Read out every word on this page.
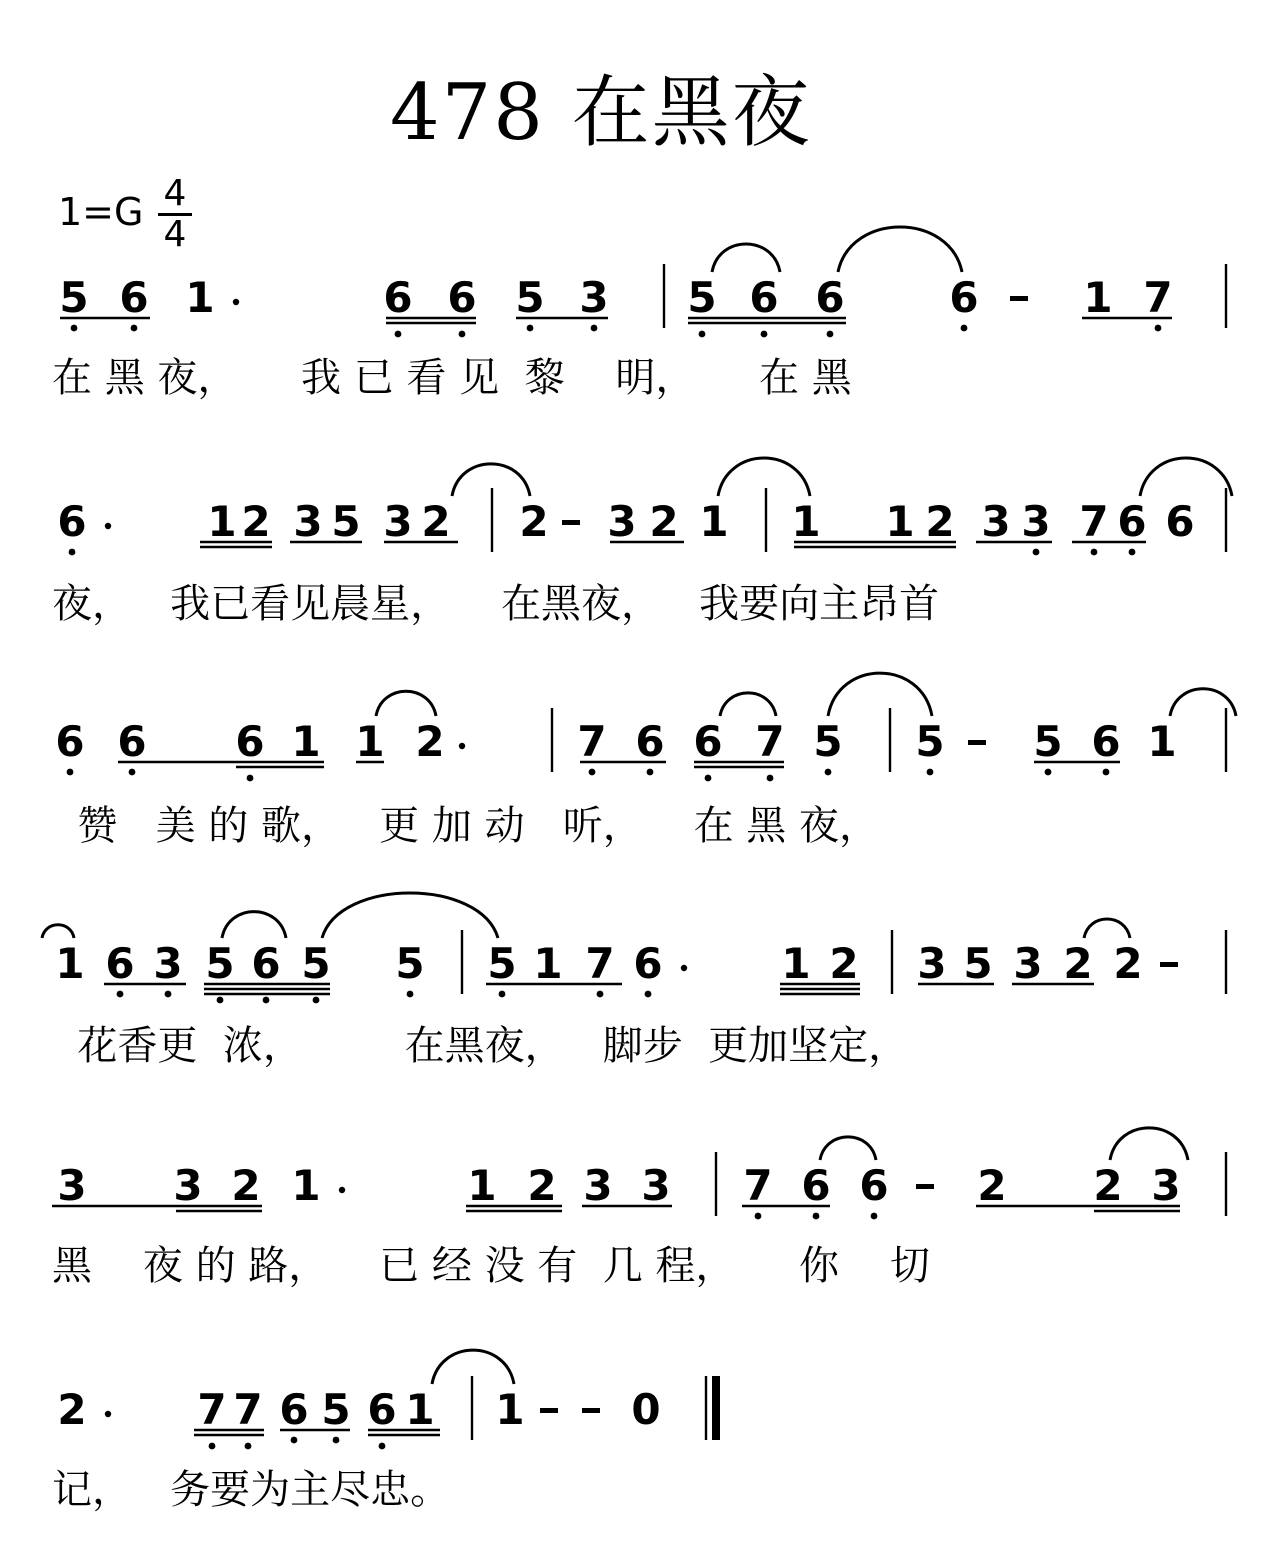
478 在黑夜
1=G 4
4
5 6 1	6 6 5 3 5 6 6 6 1 7
6	1 2 3 5 3 2 2 3 2 1 1 1 2 3 3 7 6 6
6 6 6 1 1 2	7 6 6 7 5 5 5 6 1
1 6 3 5 6 5 5 5 1 7 6	1 2 3 5 3 2 2
3 3 2 1	1 2 3 3 7 6 6 2 2 3
2	7 7 6 5 6 1 1	0
在 黑 夜，     我 已 看 见  黎    明，     在 黑
夜，   我已看见晨星，    在黑夜，   我要向主昂首
赞   美 的 歌，   更 加 动   听，    在 黑 夜，
花香更  浓，        在黑夜，   脚步  更加坚定，
黑    夜 的 路，    已 经 没 有  几 程，     你    切
记，   务要为主尽忠。
